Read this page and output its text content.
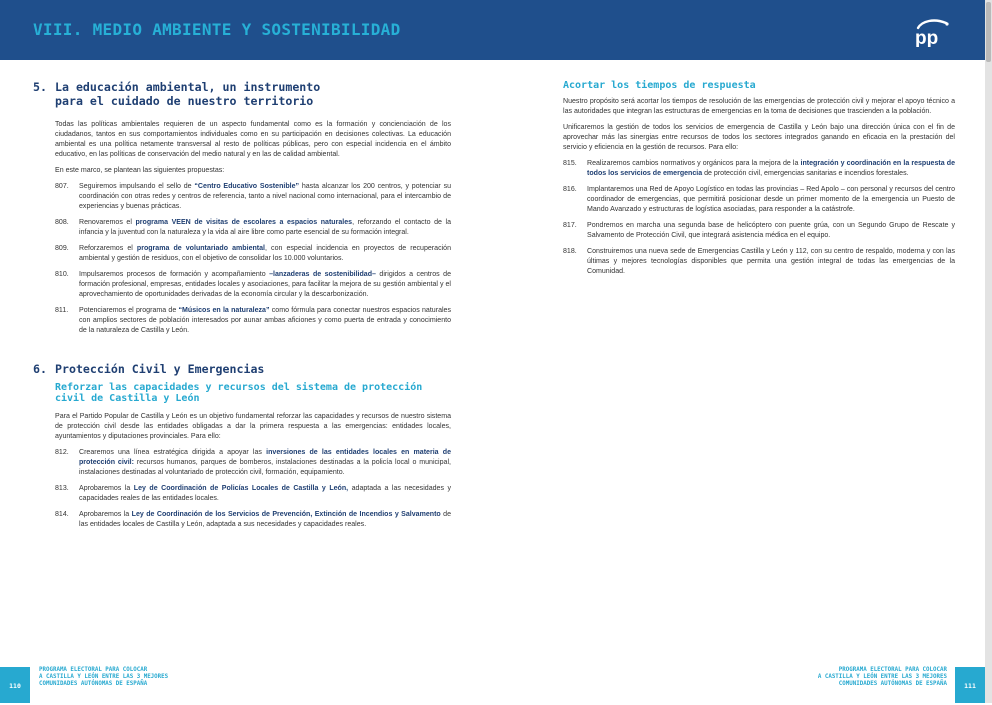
VIII. MEDIO AMBIENTE Y SOSTENIBILIDAD	pp
5. La educación ambiental, un instrumento
para el cuidado de nuestro territorio

Todas las políticas ambientales requieren de un aspecto fundamental como es la formación y concienciación de los ciudadanos, tantos en sus comportamientos individuales como en su participación en decisiones colectivas. La educación ambiental es una política netamente transversal al resto de políticas públicas, pero con especial incidencia en el ámbito educativo, en las políticas de conservación del medio natural y en las de calidad ambiental.

En este marco, se plantean las siguientes propuestas:

807. Seguiremos impulsando el sello de “Centro Educativo Sostenible” hasta alcanzar los 200 centros, y potenciar su coordinación con otras redes y centros de referencia, tanto a nivel nacional como internacional, para el intercambio de experiencias y buenas prácticas.
808. Renovaremos el programa VEEN de visitas de escolares a espacios naturales, reforzando el contacto de la infancia y la juventud con la naturaleza y la vida al aire libre como parte esencial de su formación integral.
809. Reforzaremos el programa de voluntariado ambiental, con especial incidencia en proyectos de recuperación ambiental y gestión de residuos, con el objetivo de consolidar los 10.000 voluntarios.
810. Impulsaremos procesos de formación y acompañamiento –lanzaderas de sostenibilidad– dirigidos a centros de formación profesional, empresas, entidades locales y asociaciones, para facilitar la mejora de su gestión ambiental y el aprovechamiento de oportunidades derivadas de la economía circular y la descarbonización.
811. Potenciaremos el programa de “Músicos en la naturaleza” como fórmula para conectar nuestros espacios naturales con amplios sectores de población interesados por aunar ambas aficiones y como puerta de entrada y conocimiento de la naturaleza de Castilla y León.
6. Protección Civil y Emergencias
Reforzar las capacidades y recursos del sistema de protección
civil de Castilla y León

Para el Partido Popular de Castilla y León es un objetivo fundamental reforzar las capacidades y recursos de nuestro sistema de protección civil desde las entidades obligadas a dar la primera respuesta a las emergencias: entidades locales, ayuntamientos y diputaciones provinciales. Para ello:

812. Crearemos una línea estratégica dirigida a apoyar las inversiones de las entidades locales en materia de protección civil: recursos humanos, parques de bomberos, instalaciones destinadas a la policía local o municipal, instalaciones destinadas al voluntariado de protección civil, formación, equipamiento.
813. Aprobaremos la Ley de Coordinación de Policías Locales de Castilla y León, adaptada a las necesidades y capacidades reales de las entidades locales.
814. Aprobaremos la Ley de Coordinación de los Servicios de Prevención, Extinción de Incendios y Salvamento de las entidades locales de Castilla y León, adaptada a sus necesidades y capacidades reales.
Acortar los tiempos de respuesta

Nuestro propósito será acortar los tiempos de resolución de las emergencias de protección civil y mejorar el apoyo técnico a las autoridades que integran las estructuras de emergencias en la toma de decisiones que trascienden a la población.

Unificaremos la gestión de todos los servicios de emergencia de Castilla y León bajo una dirección única con el fin de aprovechar más las sinergias entre recursos de todos los sectores integrados ganando en eficacia en la prestación del servicio y eficiencia en la gestión de recursos. Para ello:

815. Realizaremos cambios normativos y orgánicos para la mejora de la integración y coordinación en la respuesta de todos los servicios de emergencia de protección civil, emergencias sanitarias e incendios forestales.
816. Implantaremos una Red de Apoyo Logístico en todas las provincias – Red Apolo – con personal y recursos del centro coordinador de emergencias, que permitirá posicionar desde un primer momento de la emergencia un Puesto de Mando Avanzado y estructuras de logística asociadas, para responder a la catástrofe.
817. Pondremos en marcha una segunda base de helicóptero con puente grúa, con un Segundo Grupo de Rescate y Salvamento de Protección Civil, que integrará asistencia médica en el equipo.
818. Construiremos una nueva sede de Emergencias Castilla y León y 112, con su centro de respaldo, moderna y con las últimas y mejores tecnologías disponibles que permita una gestión integral de todas las emergencias de la Comunidad.
110
PROGRAMA ELECTORAL PARA COLOCAR
A CASTILLA Y LEÓN ENTRE LAS 3 MEJORES
COMUNIDADES AUTÓNOMAS DE ESPAÑA
PROGRAMA ELECTORAL PARA COLOCAR
A CASTILLA Y LEÓN ENTRE LAS 3 MEJORES
COMUNIDADES AUTÓNOMAS DE ESPAÑA	111
